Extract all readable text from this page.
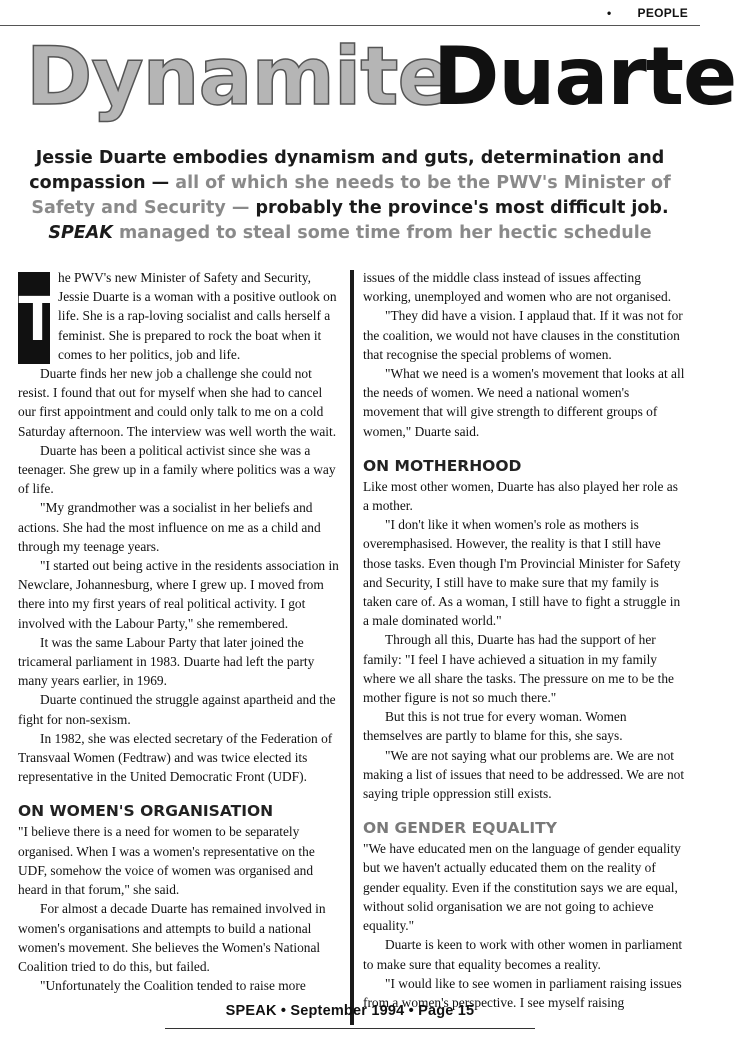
• PEOPLE
Dynamite
Duarte
Jessie Duarte embodies dynamism and guts, determination and compassion — all of which she needs to be the PWV's Minister of Safety and Security — probably the province's most difficult job. SPEAK managed to steal some time from her hectic schedule
T

he PWV's new Minister of Safety and Security, Jessie Duarte is a woman with a positive outlook on life. She is a rap-loving socialist and calls herself a feminist. She is prepared to rock the boat when it comes to her politics, job and life.

Duarte finds her new job a challenge she could not resist. I found that out for myself when she had to cancel our first appointment and could only talk to me on a cold Saturday afternoon. The interview was well worth the wait.

Duarte has been a political activist since she was a teenager. She grew up in a family where politics was a way of life.

"My grandmother was a socialist in her beliefs and actions. She had the most influence on me as a child and through my teenage years.

"I started out being active in the residents association in Newclare, Johannesburg, where I grew up. I moved from there into my first years of real political activity. I got involved with the Labour Party," she remembered.

It was the same Labour Party that later joined the tricameral parliament in 1983. Duarte had left the party many years earlier, in 1969.

Duarte continued the struggle against apartheid and the fight for non-sexism.

In 1982, she was elected secretary of the Federation of Transvaal Women (Fedtraw) and was twice elected its representative in the United Democratic Front (UDF).

ON WOMEN'S ORGANISATION

"I believe there is a need for women to be separately organised. When I was a women's representative on the UDF, somehow the voice of women was organised and heard in that forum," she said.

For almost a decade Duarte has remained involved in women's organisations and attempts to build a national women's movement. She believes the Women's National Coalition tried to do this, but failed.

"Unfortunately the Coalition tended to raise more

issues of the middle class instead of issues affecting working, unemployed and women who are not organised.

"They did have a vision. I applaud that. If it was not for the coalition, we would not have clauses in the constitution that recognise the special problems of women.

"What we need is a women's movement that looks at all the needs of women. We need a national women's movement that will give strength to different groups of women," Duarte said.

ON MOTHERHOOD

Like most other women, Duarte has also played her role as a mother.

"I don't like it when women's role as mothers is overemphasised. However, the reality is that I still have those tasks. Even though I'm Provincial Minister for Safety and Security, I still have to make sure that my family is taken care of. As a woman, I still have to fight a struggle in a male dominated world."

Through all this, Duarte has had the support of her family: "I feel I have achieved a situation in my family where we all share the tasks. The pressure on me to be the mother figure is not so much there."

But this is not true for every woman. Women themselves are partly to blame for this, she says.

"We are not saying what our problems are. We are not making a list of issues that need to be addressed. We are not saying triple oppression still exists.

ON GENDER EQUALITY

"We have educated men on the language of gender equality but we haven't actually educated them on the reality of gender equality. Even if the constitution says we are equal, without solid organisation we are not going to achieve equality."

Duarte is keen to work with other women in parliament to make sure that equality becomes a reality.

"I would like to see women in parliament raising issues from a women's perspective. I see myself raising

SPEAK • September 1994 • Page 15
